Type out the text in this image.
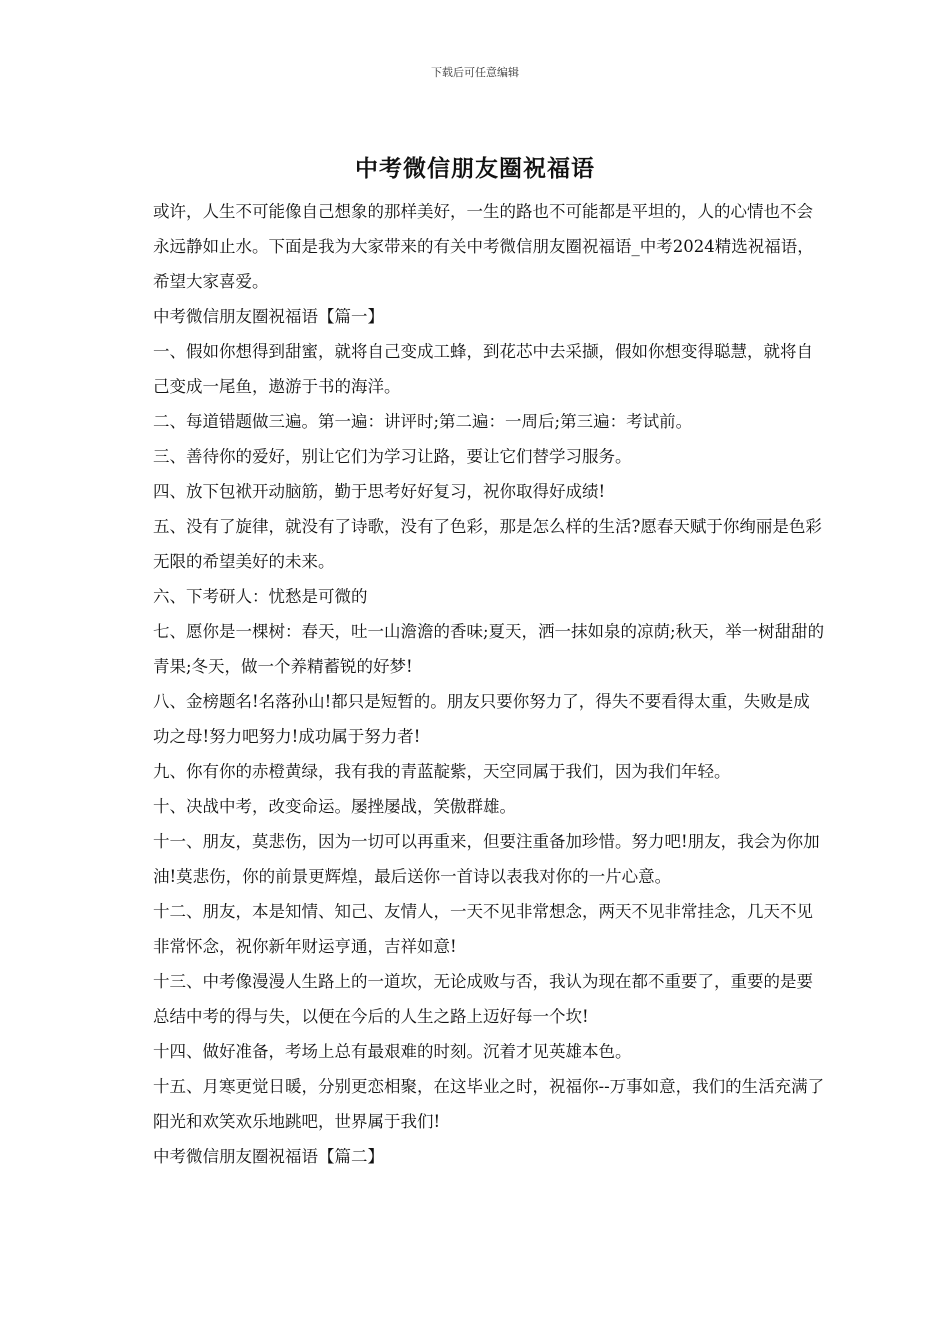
下载后可任意编辑
中考微信朋友圈祝福语

或许，人生不可能像自己想象的那样美好，一生的路也不可能都是平坦的，人的心情也不会永远静如止水。下面是我为大家带来的有关中考微信朋友圈祝福语_中考2024精选祝福语，希望大家喜爱。

中考微信朋友圈祝福语【篇一】

一、假如你想得到甜蜜，就将自己变成工蜂，到花芯中去采撷，假如你想变得聪慧，就将自己变成一尾鱼，遨游于书的海洋。

二、每道错题做三遍。第一遍：讲评时;第二遍：一周后;第三遍：考试前。

三、善待你的爱好，别让它们为学习让路，要让它们替学习服务。

四、放下包袱开动脑筋，勤于思考好好复习，祝你取得好成绩!

五、没有了旋律，就没有了诗歌，没有了色彩，那是怎么样的生活?愿春天赋于你绚丽是色彩无限的希望美好的未来。

六、下考研人：忧愁是可微的

七、愿你是一棵树：春天，吐一山澹澹的香味;夏天，洒一抹如泉的凉荫;秋天，举一树甜甜的青果;冬天，做一个养精蓄锐的好梦!

八、金榜题名!名落孙山!都只是短暂的。朋友只要你努力了，得失不要看得太重，失败是成功之母!努力吧努力!成功属于努力者!

九、你有你的赤橙黄绿，我有我的青蓝靛紫，天空同属于我们，因为我们年轻。

十、决战中考，改变命运。屡挫屡战，笑傲群雄。

十一、朋友，莫悲伤，因为一切可以再重来，但要注重备加珍惜。努力吧!朋友，我会为你加油!莫悲伤，你的前景更辉煌，最后送你一首诗以表我对你的一片心意。

十二、朋友，本是知情、知己、友情人，一天不见非常想念，两天不见非常挂念，几天不见非常怀念，祝你新年财运亨通，吉祥如意!

十三、中考像漫漫人生路上的一道坎，无论成败与否，我认为现在都不重要了，重要的是要总结中考的得与失，以便在今后的人生之路上迈好每一个坎!

十四、做好准备，考场上总有最艰难的时刻。沉着才见英雄本色。

十五、月寒更觉日暖，分别更恋相聚，在这毕业之时，祝福你--万事如意，我们的生活充满了阳光和欢笑欢乐地跳吧，世界属于我们!

中考微信朋友圈祝福语【篇二】
